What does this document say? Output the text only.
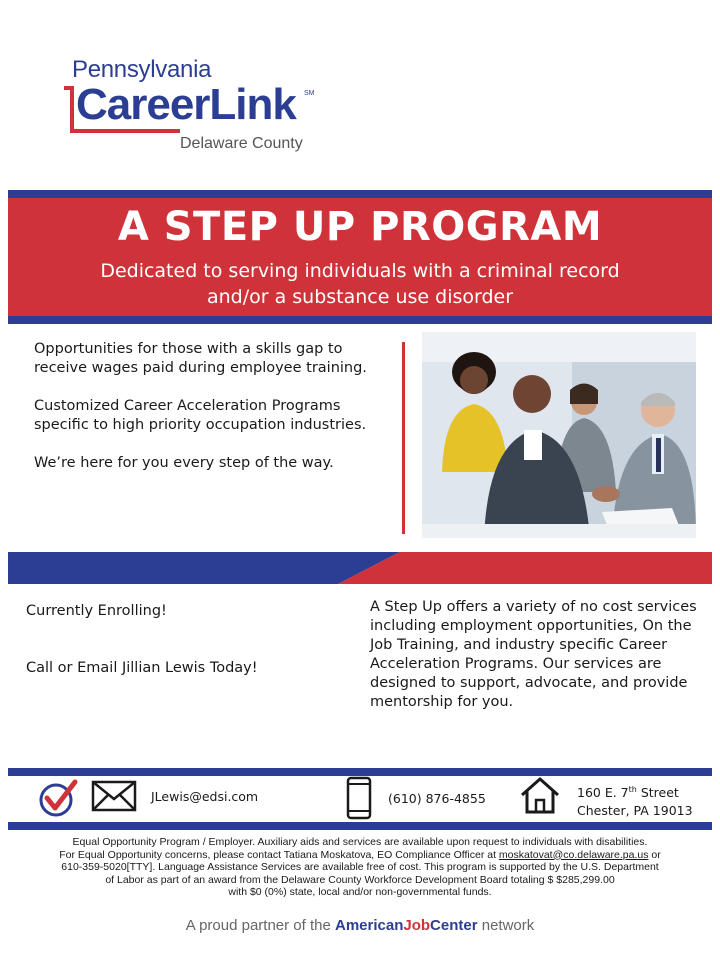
Pennsylvania
CareerLink SM
Delaware County
A STEP UP PROGRAM
Dedicated to serving individuals with a criminal record
and/or a substance use disorder

Opportunities for those with a skills gap to receive wages paid during employee training.

Customized Career Acceleration Programs specific to high priority occupation industries.

We’re here for you every step of the way.

Currently Enrolling!
Call or Email Jillian Lewis Today!
A Step Up offers a variety of no cost services including employment opportunities, On the Job Training, and industry specific Career Acceleration Programs. Our services are designed to support, advocate, and provide mentorship for you.
JLewis@edsi.com	(610) 876-4855	160 E. 7th Street
Chester, PA 19013
Equal Opportunity Program / Employer. Auxiliary aids and services are available upon request to individuals with disabilities.
For Equal Opportunity concerns, please contact Tatiana Moskatova, EO Compliance Officer at moskatovat@co.delaware.pa.us or
610-359-5020[TTY]. Language Assistance Services are available free of cost. This program is supported by the U.S. Department
of Labor as part of an award from the Delaware County Workforce Development Board totaling $ $285,299.00
with $0 (0%) state, local and/or non-governmental funds.
A proud partner of the AmericanJobCenter network
